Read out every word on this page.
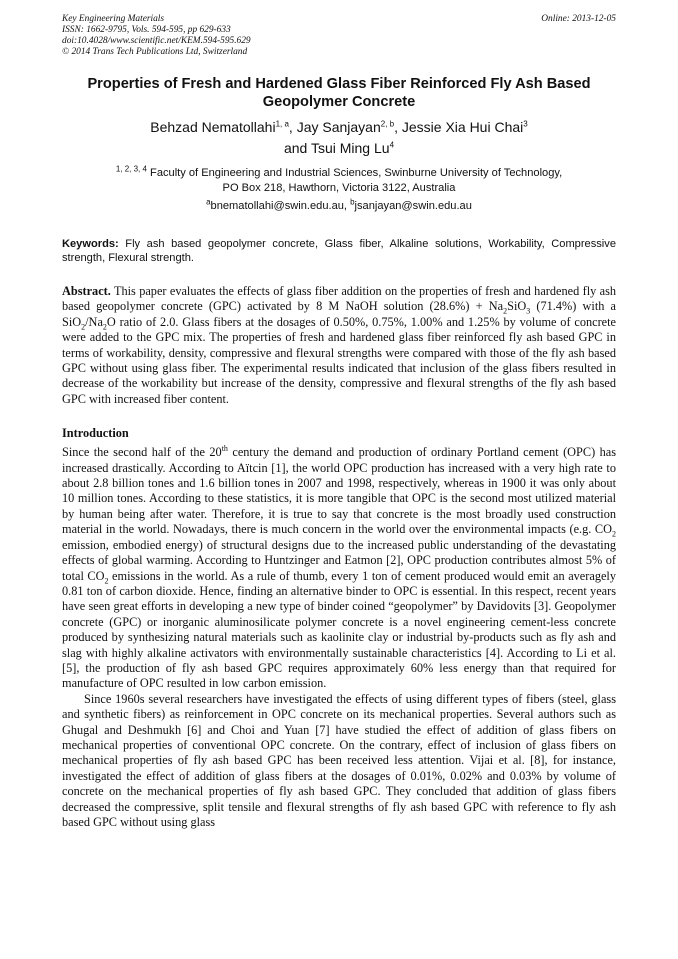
Key Engineering Materials
ISSN: 1662-9795, Vols. 594-595, pp 629-633
doi:10.4028/www.scientific.net/KEM.594-595.629
© 2014 Trans Tech Publications Ltd, Switzerland
Online: 2013-12-05
Properties of Fresh and Hardened Glass Fiber Reinforced Fly Ash Based Geopolymer Concrete
Behzad Nematollahi$^{1, a}$, Jay Sanjayan$^{2, b}$, Jessie Xia Hui Chai$^3$
and Tsui Ming Lu$^4$
$^{1, 2, 3, 4}$ Faculty of Engineering and Industrial Sciences, Swinburne University of Technology,
PO Box 218, Hawthorn, Victoria 3122, Australia
$^a$bnematollahi@swin.edu.au, $^b$jsanjayan@swin.edu.au
Keywords: Fly ash based geopolymer concrete, Glass fiber, Alkaline solutions, Workability, Compressive strength, Flexural strength.

Abstract. This paper evaluates the effects of glass fiber addition on the properties of fresh and hardened fly ash based geopolymer concrete (GPC) activated by 8 M NaOH solution $(28.6\%) + Na_2SiO_3$ (71.4%) with a $SiO_2/Na_2O$ ratio of 2.0. Glass fibers at the dosages of 0.50%, 0.75%, 1.00% and 1.25% by volume of concrete were added to the GPC mix. The properties of fresh and hardened glass fiber reinforced fly ash based GPC in terms of workability, density, compressive and flexural strengths were compared with those of the fly ash based GPC without using glass fiber. The experimental results indicated that inclusion of the glass fibers resulted in decrease of the workability but increase of the density, compressive and flexural strengths of the fly ash based GPC with increased fiber content.

Introduction

Since the second half of the 20th century the demand and production of ordinary Portland cement (OPC) has increased drastically. According to Aïtcin [1], the world OPC production has increased with a very high rate to about 2.8 billion tones and 1.6 billion tones in 2007 and 1998, respectively, whereas in 1900 it was only about 10 million tones. According to these statistics, it is more tangible that OPC is the second most utilized material by human being after water. Therefore, it is true to say that concrete is the most broadly used construction material in the world. Nowadays, there is much concern in the world over the environmental impacts (e.g. $CO_2$ emission, embodied energy) of structural designs due to the increased public understanding of the devastating effects of global warming. According to Huntzinger and Eatmon [2], OPC production contributes almost 5% of total $CO_2$ emissions in the world. As a rule of thumb, every 1 ton of cement produced would emit an averagely 0.81 ton of carbon dioxide. Hence, finding an alternative binder to OPC is essential. In this respect, recent years have seen great efforts in developing a new type of binder coined “geopolymer” by Davidovits [3]. Geopolymer concrete (GPC) or inorganic aluminosilicate polymer concrete is a novel engineering cement-less concrete produced by synthesizing natural materials such as kaolinite clay or industrial by-products such as fly ash and slag with highly alkaline activators with environmentally sustainable characteristics [4]. According to Li et al. [5], the production of fly ash based GPC requires approximately 60% less energy than that required for manufacture of OPC resulted in low carbon emission.

Since 1960s several researchers have investigated the effects of using different types of fibers (steel, glass and synthetic fibers) as reinforcement in OPC concrete on its mechanical properties. Several authors such as Ghugal and Deshmukh [6] and Choi and Yuan [7] have studied the effect of addition of glass fibers on mechanical properties of conventional OPC concrete. On the contrary, effect of inclusion of glass fibers on mechanical properties of fly ash based GPC has been received less attention. Vijai et al. [8], for instance, investigated the effect of addition of glass fibers at the dosages of 0.01%, 0.02% and 0.03% by volume of concrete on the mechanical properties of fly ash based GPC. They concluded that addition of glass fibers decreased the compressive, split tensile and flexural strengths of fly ash based GPC with reference to fly ash based GPC without using glass
